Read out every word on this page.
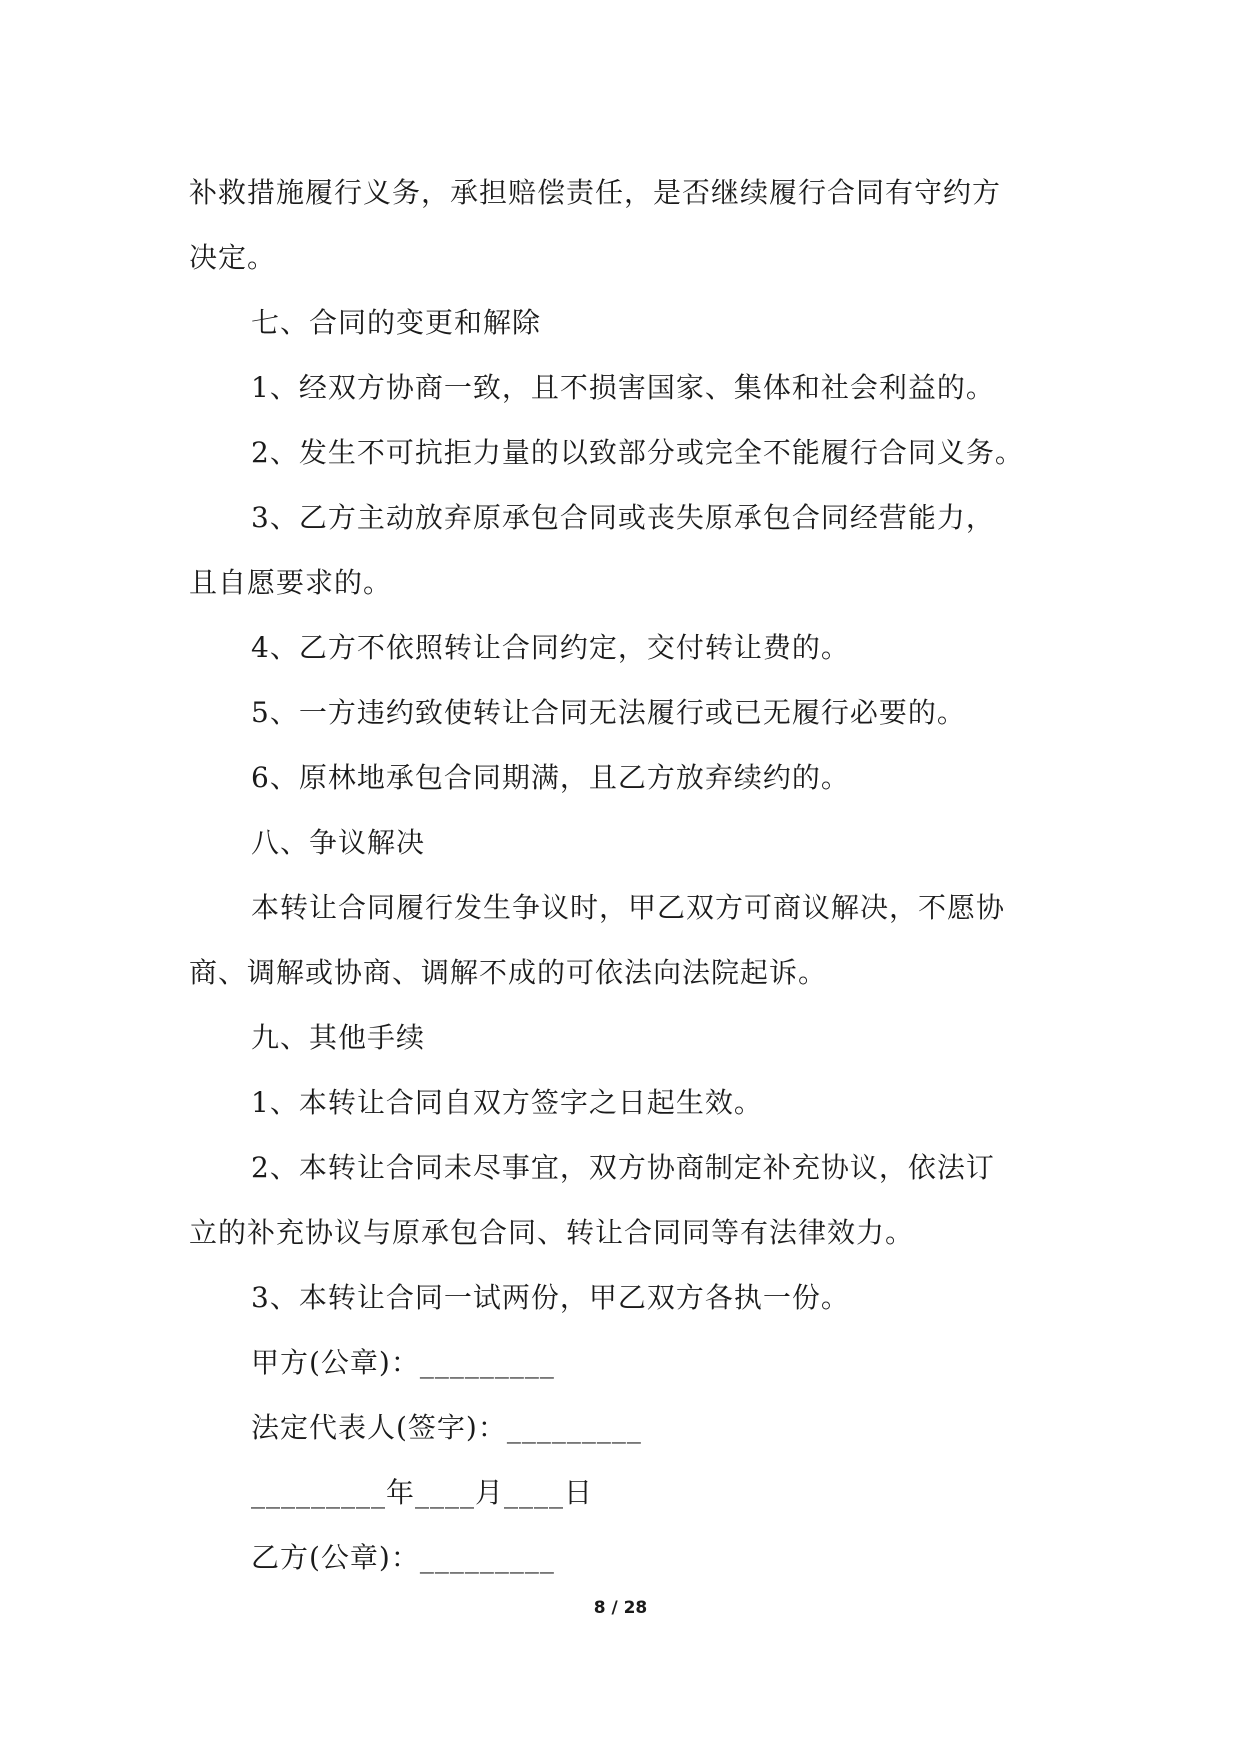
补救措施履行义务，承担赔偿责任，是否继续履行合同有守约方
决定。
七、合同的变更和解除
1、经双方协商一致，且不损害国家、集体和社会利益的。
2、发生不可抗拒力量的以致部分或完全不能履行合同义务。
3、乙方主动放弃原承包合同或丧失原承包合同经营能力，
且自愿要求的。
4、乙方不依照转让合同约定，交付转让费的。
5、一方违约致使转让合同无法履行或已无履行必要的。
6、原林地承包合同期满，且乙方放弃续约的。
八、争议解决
本转让合同履行发生争议时，甲乙双方可商议解决，不愿协
商、调解或协商、调解不成的可依法向法院起诉。
九、其他手续
1、本转让合同自双方签字之日起生效。
2、本转让合同未尽事宜，双方协商制定补充协议，依法订
立的补充协议与原承包合同、转让合同同等有法律效力。
3、本转让合同一试两份，甲乙双方各执一份。
甲方(公章)：_________
法定代表人(签字)：_________
_________年____月____日
乙方(公章)：_________
8 / 28
